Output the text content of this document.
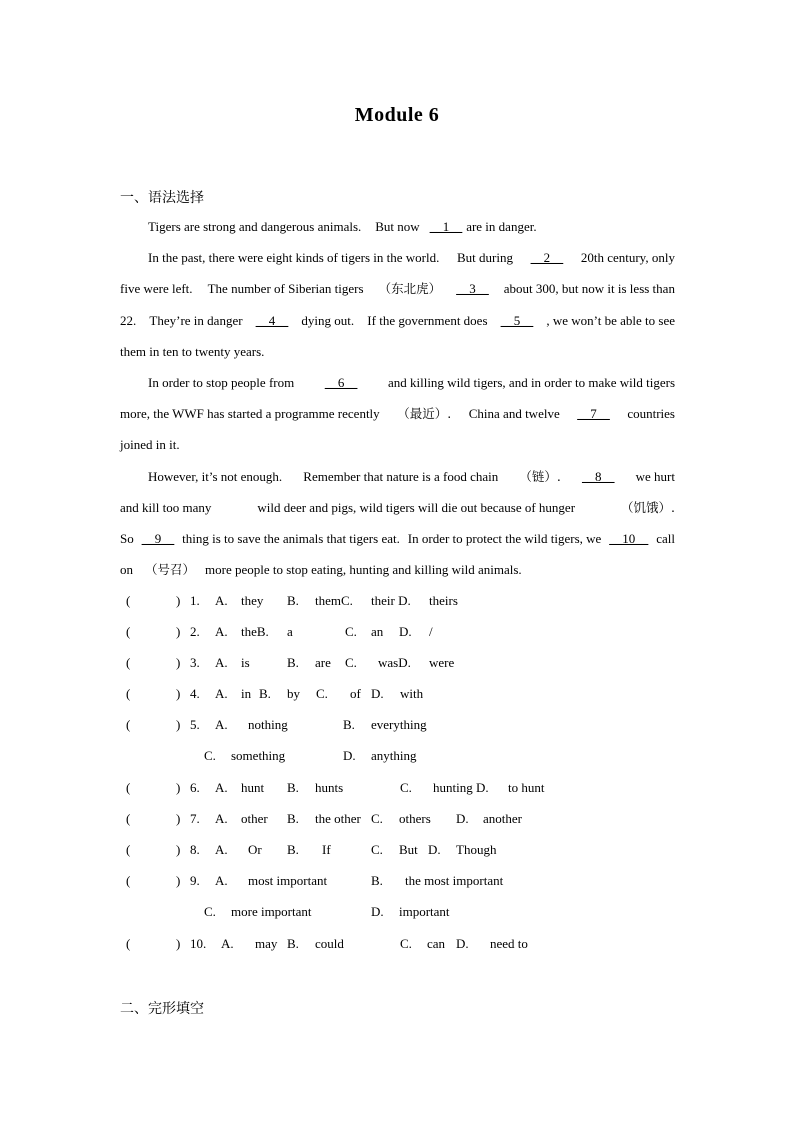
Module 6
一、语法选择
Tigers are strong and dangerous animals. But now __1__ are in danger.
In the past, there were eight kinds of tigers in the world. But during __2__ 20th century, only
five were left. The number of Siberian tigers （东北虎） __3__ about 300, but now it is less than
22. They’re in danger __4__ dying out. If the government does __5__ , we won’t be able to see
them in ten to twenty years.
In order to stop people from __6__ and killing wild tigers, and in order to make wild tigers
more, the WWF has started a programme recently （最近）. China and twelve __7__ countries
joined in it.
However, it’s not enough. Remember that nature is a food chain （链）. __8__ we hurt
and kill too many	wild deer and pigs, wild tigers will die out because of hunger	（饥饿）.
So __9__ thing is to save the animals that tigers eat. In order to protect the wild tigers, we __10__ call
on （号召） more people to stop eating, hunting and killing wild animals.
(	) 1. A. they B. themC. their D. theirs
(	) 2. A. theB. a	C. an D. /
(	) 3. A. is	B. are C. wasD. were
(	) 4. A. in B. by C. of D. with
(	) 5. A. nothing	B. everything
C. something	D. anything
(	) 6. A. hunt B. hunts	C. hunting D. to hunt
(	) 7. A. other B. the other C. others D. another
(	) 8. A. Or B. If	C. But D. Though
(	) 9. A. most important	B. the most important
C. more important	D. important
(	) 10. A. may B. could	C. can D. need to
二、完形填空
